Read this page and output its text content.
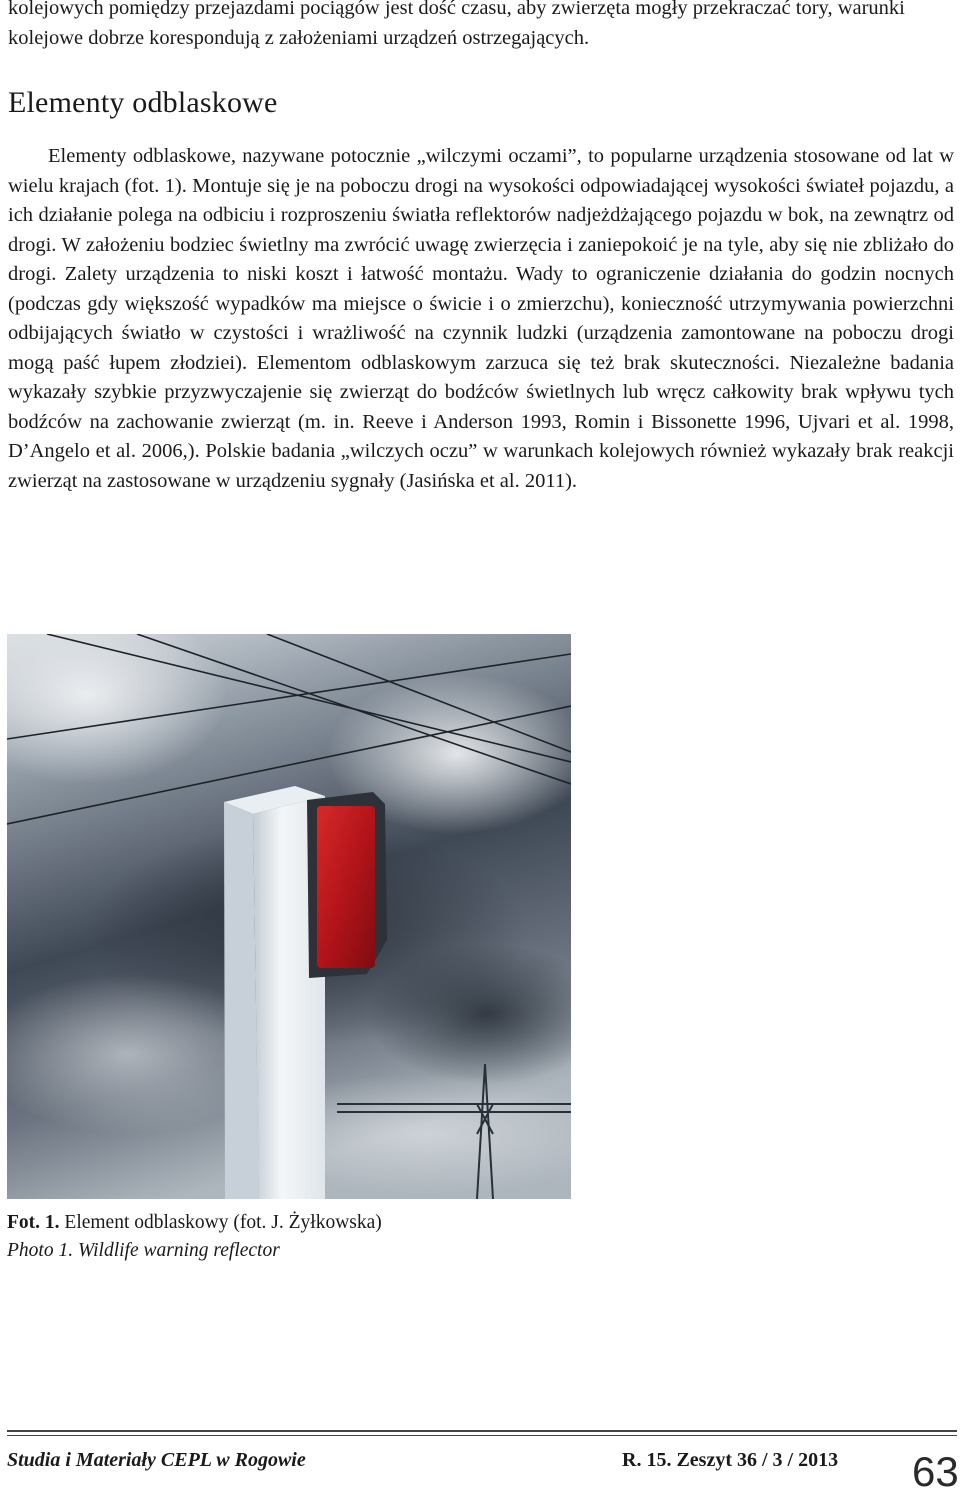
kolejowych pomiędzy przejazdami pociągów jest dość czasu, aby zwierzęta mogły przekraczać tory, warunki kolejowe dobrze korespondują z założeniami urządzeń ostrzegających.

Elementy odblaskowe

Elementy odblaskowe, nazywane potocznie „wilczymi oczami”, to popularne urządzenia stosowane od lat w wielu krajach (fot. 1). Montuje się je na poboczu drogi na wysokości odpowiadającej wysokości świateł pojazdu, a ich działanie polega na odbiciu i rozproszeniu światła reflektorów nadjeżdżającego pojazdu w bok, na zewnątrz od drogi. W założeniu bodziec świetlny ma zwrócić uwagę zwierzęcia i zaniepokoić je na tyle, aby się nie zbliżało do drogi. Zalety urządzenia to niski koszt i łatwość montażu. Wady to ograniczenie działania do godzin nocnych (podczas gdy większość wypadków ma miejsce o świcie i o zmierzchu), konieczność utrzymywania powierzchni odbijających światło w czystości i wrażliwość na czynnik ludzki (urządzenia zamontowane na poboczu drogi mogą paść łupem złodziei). Elementom odblaskowym zarzuca się też brak skuteczności. Niezależne badania wykazały szybkie przyzwyczajenie się zwierząt do bodźców świetlnych lub wręcz całkowity brak wpływu tych bodźców na zachowanie zwierząt (m. in. Reeve i Anderson 1993, Romin i Bissonette 1996, Ujvari et al. 1998, D’Angelo et al. 2006,). Polskie badania „wilczych oczu” w warunkach kolejowych również wykazały brak reakcji zwierząt na zastosowane w urządzeniu sygnały (Jasińska et al. 2011).

Fot. 1. Element odblaskowy (fot. J. Żyłkowska)
Photo 1. Wildlife warning reflector
Studia i Materiały CEPL w Rogowie	R. 15. Zeszyt 36 / 3 / 2013 63
